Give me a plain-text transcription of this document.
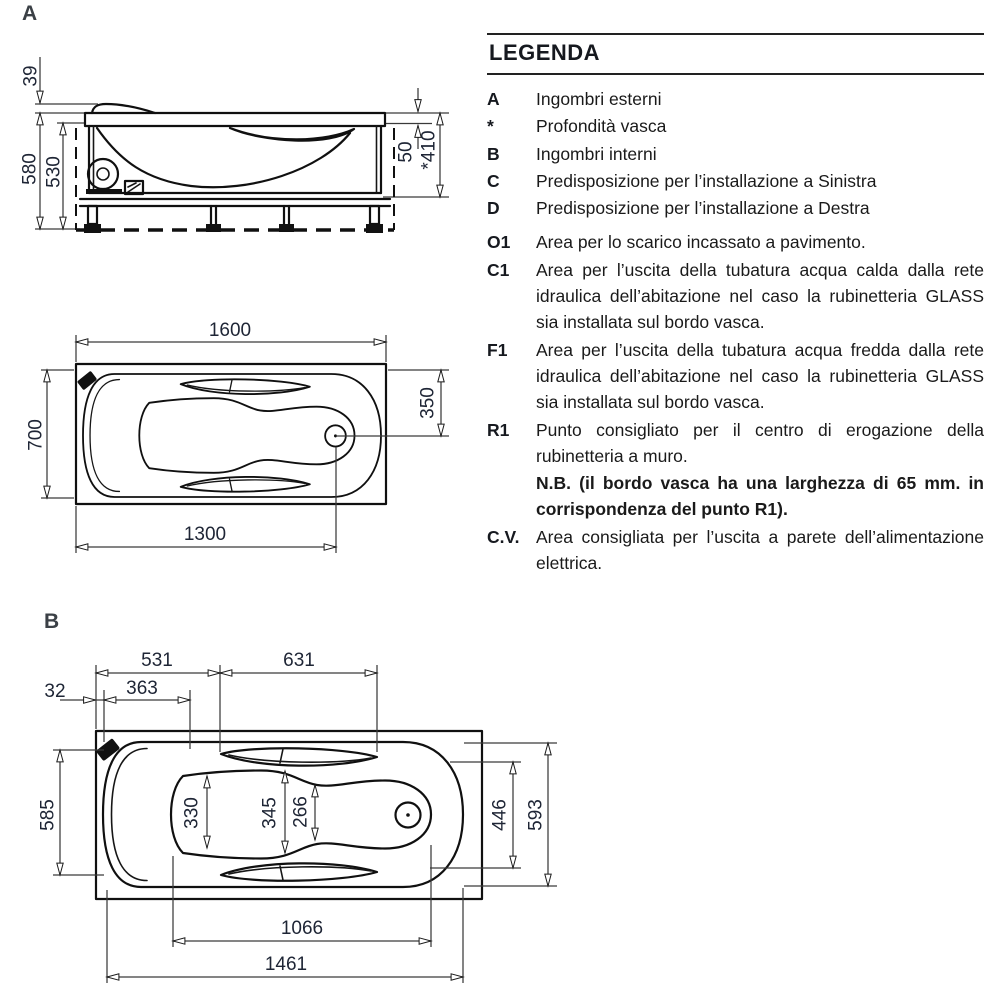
A
B
39
580 530
50 *410
1600
700
350
1300
531	631
32	363
585	330	345 266	446 593
1066
1461
LEGENDA
A	Ingombri esterni
*	Profondità vasca
B	Ingombri interni
C	Predisposizione per l’installazione a Sinistra
D	Predisposizione per l’installazione a Destra
O1	Area per lo scarico incassato a pavimento.
C1	Area per l’uscita della tubatura acqua calda dalla rete idraulica dell’abitazione nel caso la rubinetteria GLASS sia installata sul bordo vasca.
F1	Area per l’uscita della tubatura acqua fredda dalla rete idraulica dell’abitazione nel caso la rubinetteria GLASS sia installata sul bordo vasca.
R1	Punto consigliato per il centro di erogazione della rubinetteria a muro.
N.B. (il bordo vasca ha una larghezza di 65 mm. in corrispondenza del punto R1).
C.V. Area consigliata per l’uscita a parete dell’alimentazione elettrica.
